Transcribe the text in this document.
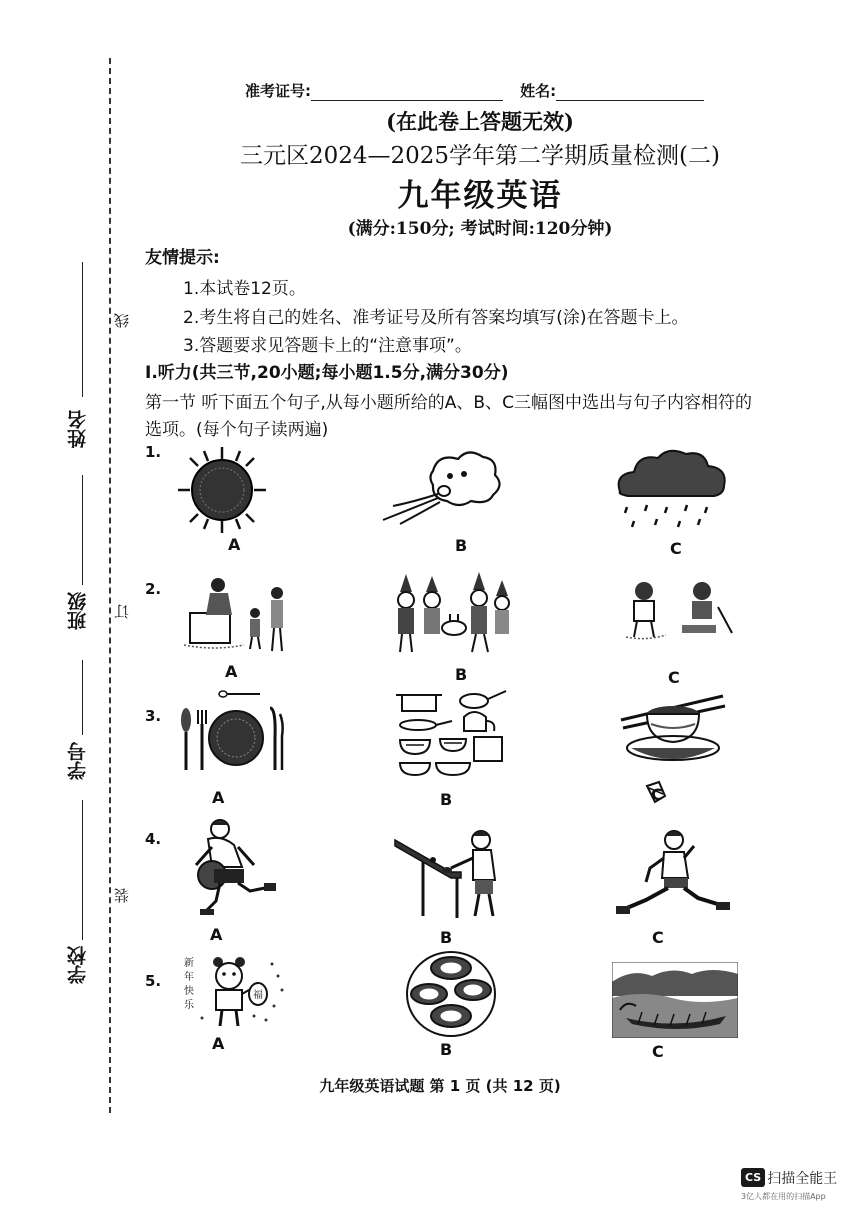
姓名
班级
学号
学校
线
订
装
准考证号:	姓名:
(在此卷上答题无效)
三元区2024—2025学年第二学期质量检测(二)
九年级英语
(满分:150分; 考试时间:120分钟)
友情提示:
1.本试卷12页。
2.考生将自己的姓名、准考证号及所有答案均填写(涂)在答题卡上。
3.答题要求见答题卡上的“注意事项”。
Ⅰ.听力(共三节,20小题;每小题1.5分,满分30分)
第一节 听下面五个句子,从每小题所给的A、B、C三幅图中选出与句子内容相符的
选项。(每个句子读两遍)
1.
A	B	C
2.
A	B	C
3.
A	B	C
4.
A	B	C
5.
新
年
快
乐
福
A	B	C
九年级英语试题 第 1 页 (共 12 页)
CS 扫描全能王
3亿人都在用的扫描App
